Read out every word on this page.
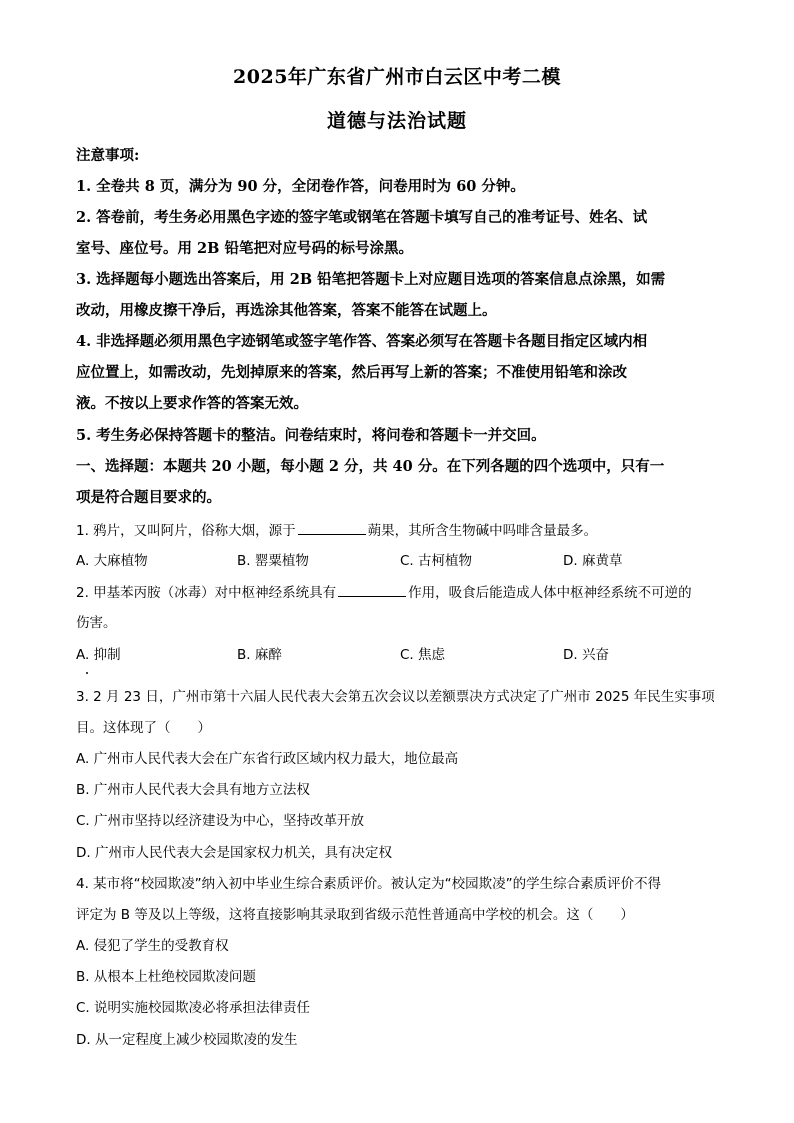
2025年广东省广州市白云区中考二模
道德与法治试题
注意事项:
1. 全卷共 8 页，满分为 90 分，全闭卷作答，问卷用时为 60 分钟。
2. 答卷前，考生务必用黑色字迹的签字笔或钢笔在答题卡填写自己的准考证号、姓名、试
室号、座位号。用 2B 铅笔把对应号码的标号涂黑。
3. 选择题每小题选出答案后，用 2B 铅笔把答题卡上对应题目选项的答案信息点涂黑，如需
改动，用橡皮擦干净后，再选涂其他答案，答案不能答在试题上。
4. 非选择题必须用黑色字迹钢笔或签字笔作答、答案必须写在答题卡各题目指定区域内相
应位置上，如需改动，先划掉原来的答案，然后再写上新的答案；不准使用铅笔和涂改
液。不按以上要求作答的答案无效。
5. 考生务必保持答题卡的整洁。问卷结束时，将问卷和答题卡一并交回。
一、选择题：本题共 20 小题，每小题 2 分，共 40 分。在下列各题的四个选项中，只有一
项是符合题目要求的。
1. 鸦片，又叫阿片，俗称大烟，源于	蒴果，其所含生物碱中吗啡含量最多。
A. 大麻植物	B. 罂粟植物	C. 古柯植物	D. 麻黄草
2. 甲基苯丙胺（冰毒）对中枢神经系统具有	作用，吸食后能造成人体中枢神经系统不可逆的
伤害。
A. 抑制	B. 麻醉	C. 焦虑	D. 兴奋
3. 2 月 23 日，广州市第十六届人民代表大会第五次会议以差额票决方式决定了广州市 2025 年民生实事项
目。这体现了（　　）
A. 广州市人民代表大会在广东省行政区域内权力最大，地位最高
B. 广州市人民代表大会具有地方立法权
C. 广州市坚持以经济建设为中心，坚持改革开放
D. 广州市人民代表大会是国家权力机关，具有决定权
4. 某市将“校园欺凌”纳入初中毕业生综合素质评价。被认定为“校园欺凌”的学生综合素质评价不得
评定为 B 等及以上等级，这将直接影响其录取到省级示范性普通高中学校的机会。这（　　）
A. 侵犯了学生的受教育权
B. 从根本上杜绝校园欺凌问题
C. 说明实施校园欺凌必将承担法律责任
D. 从一定程度上减少校园欺凌的发生
